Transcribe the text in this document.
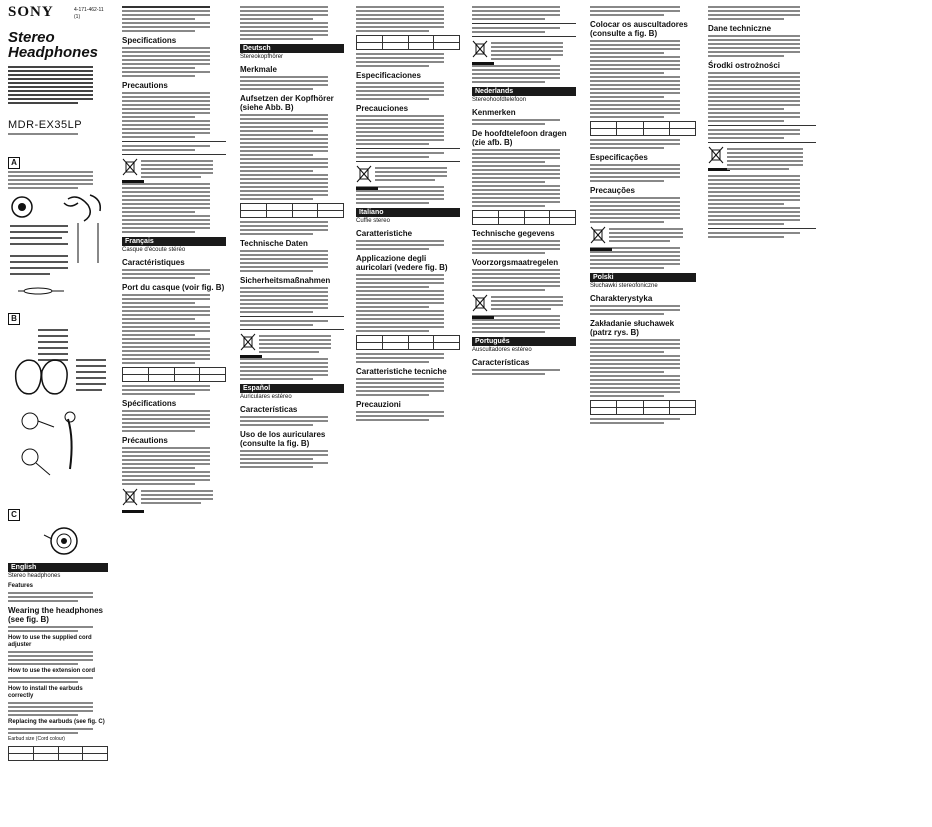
SONY	4-171-462-11 (1)
Stereo
Headphones
MDR-EX35LP
A
B
C
English
Stereo headphones
Features
Wearing the headphones (see fig. B)
How to use the supplied cord adjuster
How to use the extension cord
How to install the earbuds correctly
Replacing the earbuds (see fig. C)
Earbud size (Cord colour)
Specifications
Precautions
Français
Casque d'écoute stéréo
Caractéristiques
Port du casque (voir fig. B)
Spécifications
Précautions
Deutsch
Stereokopfhörer
Merkmale
Aufsetzen der Kopfhörer (siehe Abb. B)
Technische Daten
Sicherheitsmaßnahmen
Español
Auriculares estéreo
Características
Uso de los auriculares (consulte la fig. B)
Especificaciones
Precauciones
Italiano
Cuffie stereo
Caratteristiche
Applicazione degli auricolari (vedere fig. B)
Caratteristiche tecniche
Precauzioni
Nederlands
Stereohoofdtelefoon
Kenmerken
De hoofdtelefoon dragen (zie afb. B)
Technische gegevens
Voorzorgsmaatregelen
Português
Auscultadores estéreo
Características
Colocar os auscultadores (consulte a fig. B)
Especificações
Precauções
Polski
Słuchawki stereofoniczne
Charakterystyka
Zakładanie słuchawek (patrz rys. B)
Dane techniczne
Środki ostrożności
